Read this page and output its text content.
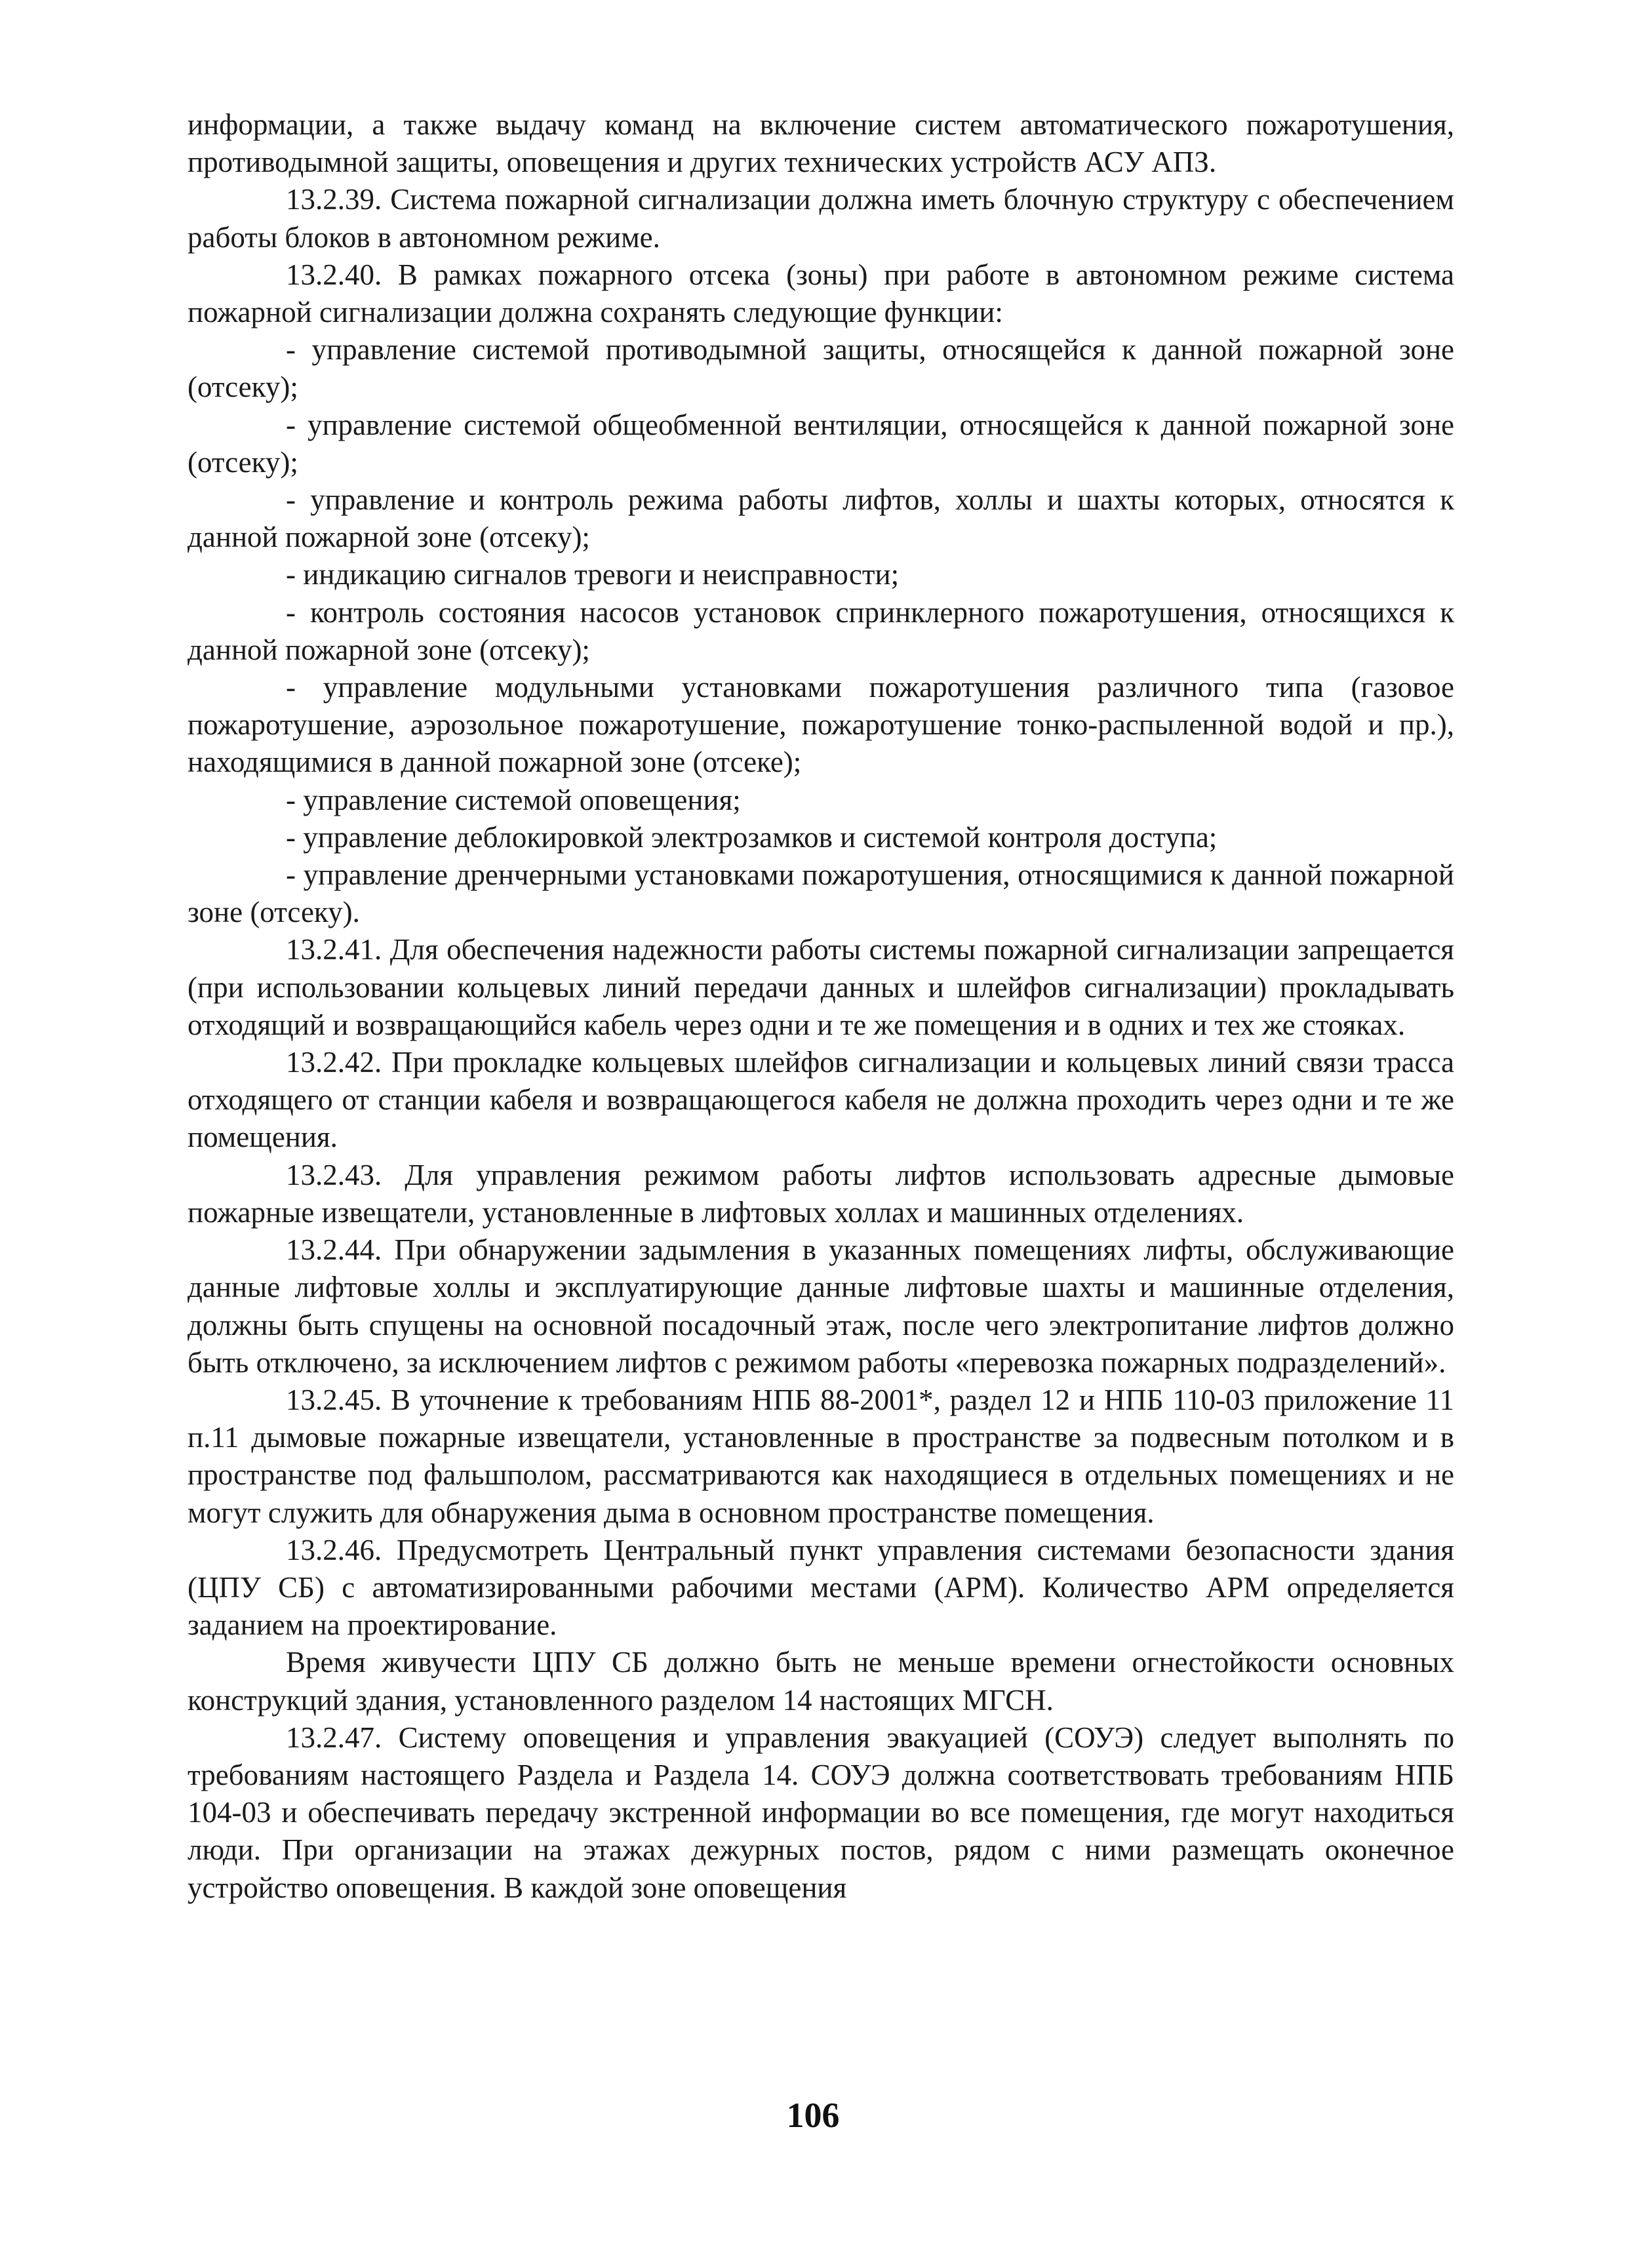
информации, а также выдачу команд на включение систем автоматического пожаротушения, противодымной защиты, оповещения и других технических устройств АСУ АПЗ.

13.2.39. Система пожарной сигнализации должна иметь блочную структуру с обеспечением работы блоков в автономном режиме.

13.2.40. В рамках пожарного отсека (зоны) при работе в автономном режиме система пожарной сигнализации должна сохранять следующие функции:

- управление системой противодымной защиты, относящейся к данной пожарной зоне (отсеку);

- управление системой общеобменной вентиляции, относящейся к данной пожарной зоне (отсеку);

- управление и контроль режима работы лифтов, холлы и шахты которых, относятся к данной пожарной зоне (отсеку);

- индикацию сигналов тревоги и неисправности;

- контроль состояния насосов установок спринклерного пожаротушения, относящихся к данной пожарной зоне (отсеку);

- управление модульными установками пожаротушения различного типа (газовое пожаротушение, аэрозольное пожаротушение, пожаротушение тонко-распыленной водой и пр.), находящимися в данной пожарной зоне (отсеке);

- управление системой оповещения;

- управление деблокировкой электрозамков и системой контроля доступа;

- управление дренчерными установками пожаротушения, относящимися к данной пожарной зоне (отсеку).

13.2.41. Для обеспечения надежности работы системы пожарной сигнализации запрещается (при использовании кольцевых линий передачи данных и шлейфов сигнализации) прокладывать отходящий и возвращающийся кабель через одни и те же помещения и в одних и тех же стояках.

13.2.42. При прокладке кольцевых шлейфов сигнализации и кольцевых линий связи трасса отходящего от станции кабеля и возвращающегося кабеля не должна проходить через одни и те же помещения.

13.2.43. Для управления режимом работы лифтов использовать адресные дымовые пожарные извещатели, установленные в лифтовых холлах и машинных отделениях.

13.2.44. При обнаружении задымления в указанных помещениях лифты, обслуживающие данные лифтовые холлы и эксплуатирующие данные лифтовые шахты и машинные отделения, должны быть спущены на основной посадочный этаж, после чего электропитание лифтов должно быть отключено, за исключением лифтов с режимом работы «перевозка пожарных подразделений».

13.2.45. В уточнение к требованиям НПБ 88-2001*, раздел 12 и НПБ 110-03 приложение 11 п.11 дымовые пожарные извещатели, установленные в пространстве за подвесным потолком и в пространстве под фальшполом, рассматриваются как находящиеся в отдельных помещениях и не могут служить для обнаружения дыма в основном пространстве помещения.

13.2.46. Предусмотреть Центральный пункт управления системами безопасности здания (ЦПУ СБ) с автоматизированными рабочими местами (АРМ). Количество АРМ определяется заданием на проектирование.

Время живучести ЦПУ СБ должно быть не меньше времени огнестойкости основных конструкций здания, установленного разделом 14 настоящих МГСН.

13.2.47. Систему оповещения и управления эвакуацией (СОУЭ) следует выполнять по требованиям настоящего Раздела и Раздела 14. СОУЭ должна соответствовать требованиям НПБ 104-03 и обеспечивать передачу экстренной информации во все помещения, где могут находиться люди. При организации на этажах дежурных постов, рядом с ними размещать оконечное устройство оповещения. В каждой зоне оповещения

106
